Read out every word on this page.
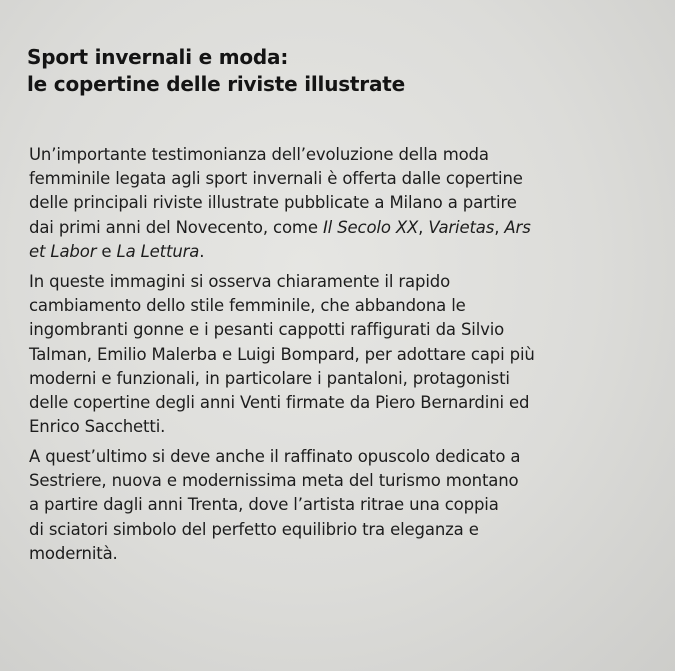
Sport invernali e moda:
le copertine delle riviste illustrate

Un’importante testimonianza dell’evoluzione della moda
femminile legata agli sport invernali è offerta dalle copertine
delle principali riviste illustrate pubblicate a Milano a partire
dai primi anni del Novecento, come Il Secolo XX, Varietas, Ars
et Labor e La Lettura.

In queste immagini si osserva chiaramente il rapido
cambiamento dello stile femminile, che abbandona le
ingombranti gonne e i pesanti cappotti raffigurati da Silvio
Talman, Emilio Malerba e Luigi Bompard, per adottare capi più
moderni e funzionali, in particolare i pantaloni, protagonisti
delle copertine degli anni Venti firmate da Piero Bernardini ed
Enrico Sacchetti.

A quest’ultimo si deve anche il raffinato opuscolo dedicato a
Sestriere, nuova e modernissima meta del turismo montano
a partire dagli anni Trenta, dove l’artista ritrae una coppia
di sciatori simbolo del perfetto equilibrio tra eleganza e
modernità.
